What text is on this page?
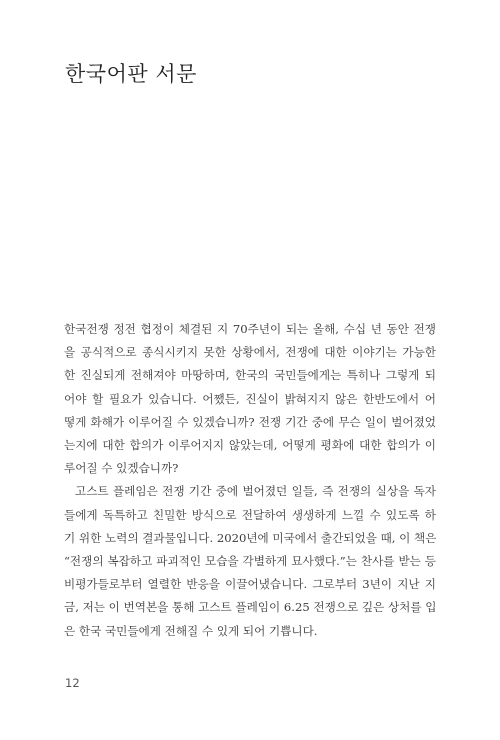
한국어판 서문

한국전쟁 정전 협정이 체결된 지 70주년이 되는 올해, 수십 년 동안 전쟁
을 공식적으로 종식시키지 못한 상황에서, 전쟁에 대한 이야기는 가능한
한 진실되게 전해져야 마땅하며, 한국의 국민들에게는 특히나 그렇게 되
어야 할 필요가 있습니다. 어쨌든, 진실이 밝혀지지 않은 한반도에서 어
떻게 화해가 이루어질 수 있겠습니까? 전쟁 기간 중에 무슨 일이 벌어졌었
는지에 대한 합의가 이루어지지 않았는데, 어떻게 평화에 대한 합의가 이
루어질 수 있겠습니까?

고스트 플레임은 전쟁 기간 중에 벌어졌던 일들, 즉 전쟁의 실상을 독자
들에게 독특하고 친밀한 방식으로 전달하여 생생하게 느낄 수 있도록 하
기 위한 노력의 결과물입니다. 2020년에 미국에서 출간되었을 때, 이 책은
“전쟁의 복잡하고 파괴적인 모습을 각별하게 묘사했다.”는 찬사를 받는 등
비평가들로부터 열렬한 반응을 이끌어냈습니다. 그로부터 3년이 지난 지
금, 저는 이 번역본을 통해 고스트 플레임이 6.25 전쟁으로 깊은 상처를 입
은 한국 국민들에게 전해질 수 있게 되어 기쁩니다.

12
